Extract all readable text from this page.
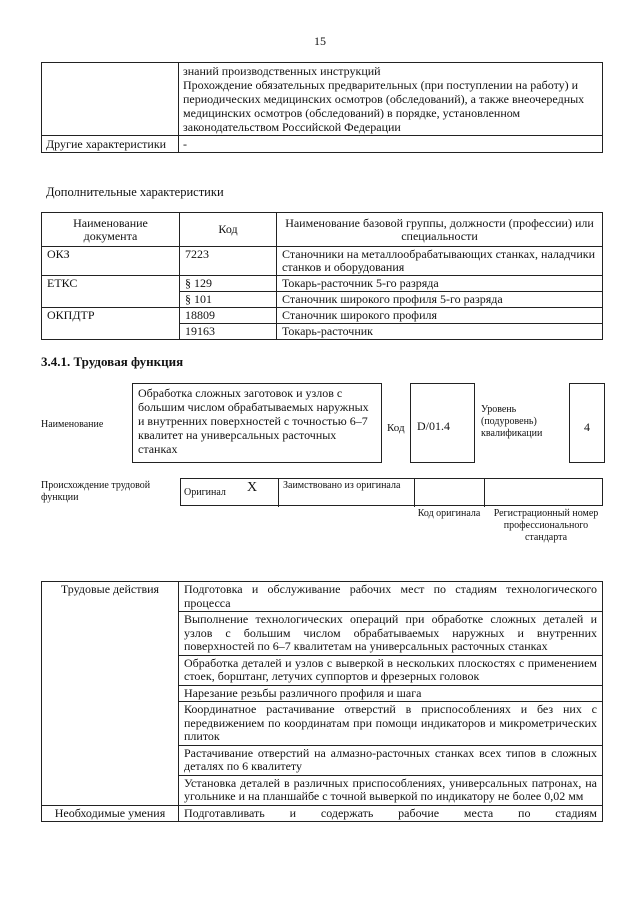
15

	знаний производственных инструкций
Прохождение обязательных предварительных (при поступлении на работу) и периодических медицинских осмотров (обследований), а также внеочередных медицинских осмотров (обследований) в порядке, установленном законодательством Российской Федерации

Другие характеристики	-
Дополнительные характеристики
Наименование документа	Код	Наименование базовой группы, должности (профессии) или специальности
ОКЗ	7223	Станочники на металлообрабатывающих станках, наладчики станков и оборудования
ЕТКС	§ 129	Токарь-расточник 5-го разряда
	§ 101	Станочник широкого профиля 5-го разряда
ОКПДТР	18809	Станочник широкого профиля
	19163	Токарь-расточник
3.4.1. Трудовая функция
Наименование
Обработка сложных заготовок и узлов с большим числом обрабатываемых наружных и внутренних поверхностей с точностью 6–7 квалитет на универсальных расточных станках
Код	D/01.4
Уровень (подуровень) квалификации	4
Происхождение трудовой функции	Оригинал X	Заимствовано из оригинала
Код оригинала	Регистрационный номер профессионального стандарта
Трудовые действия	Подготовка и обслуживание рабочих мест по стадиям технологического процесса
	Выполнение технологических операций при обработке сложных деталей и узлов с большим числом обрабатываемых наружных и внутренних поверхностей по 6–7 квалитетам на универсальных расточных станках
	Обработка деталей и узлов с выверкой в нескольких плоскостях с применением стоек, борштанг, летучих суппортов и фрезерных головок
	Нарезание резьбы различного профиля и шага
	Координатное растачивание отверстий в приспособлениях и без них с передвижением по координатам при помощи индикаторов и микрометрических плиток
	Растачивание отверстий на алмазно-расточных станках всех типов в сложных деталях по 6 квалитету
	Установка деталей в различных приспособлениях, универсальных патронах, на угольнике и на планшайбе с точной выверкой по индикатору не более 0,02 мм
Необходимые умения	Подготавливать и содержать рабочие места по стадиям
